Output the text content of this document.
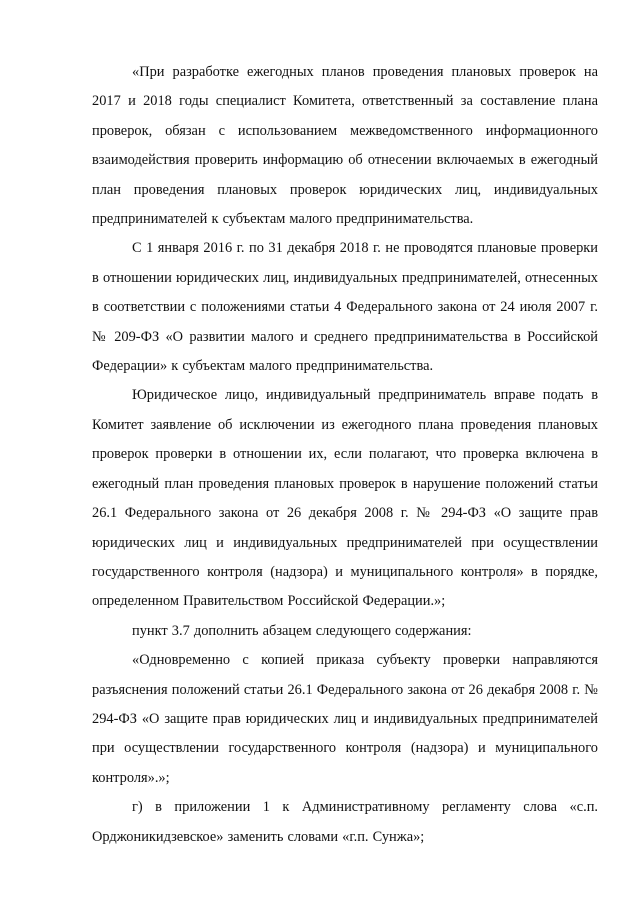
«При разработке ежегодных планов проведения плановых проверок на 2017 и 2018 годы специалист Комитета, ответственный за составление плана проверок, обязан с использованием межведомственного информационного взаимодействия проверить информацию об отнесении включаемых в ежегодный план проведения плановых проверок юридических лиц, индивидуальных предпринимателей к субъектам малого предпринимательства.

С 1 января 2016 г. по 31 декабря 2018 г. не проводятся плановые проверки в отношении юридических лиц, индивидуальных предпринимателей, отнесенных в соответствии с положениями статьи 4 Федерального закона от 24 июля 2007 г. № 209-ФЗ «О развитии малого и среднего предпринимательства в Российской Федерации» к субъектам малого предпринимательства.

Юридическое лицо, индивидуальный предприниматель вправе подать в Комитет заявление об исключении из ежегодного плана проведения плановых проверок проверки в отношении их, если полагают, что проверка включена в ежегодный план проведения плановых проверок в нарушение положений статьи 26.1 Федерального закона от 26 декабря 2008 г. № 294-ФЗ «О защите прав юридических лиц и индивидуальных предпринимателей при осуществлении государственного контроля (надзора) и муниципального контроля» в порядке, определенном Правительством Российской Федерации.»;

пункт 3.7 дополнить абзацем следующего содержания:

«Одновременно с копией приказа субъекту проверки направляются разъяснения положений статьи 26.1 Федерального закона от 26 декабря 2008 г. № 294-ФЗ «О защите прав юридических лиц и индивидуальных предпринимателей при осуществлении государственного контроля (надзора) и муниципального контроля».»;

г) в приложении 1 к Административному регламенту слова «с.п. Орджоникидзевское» заменить словами «г.п. Сунжа»;
